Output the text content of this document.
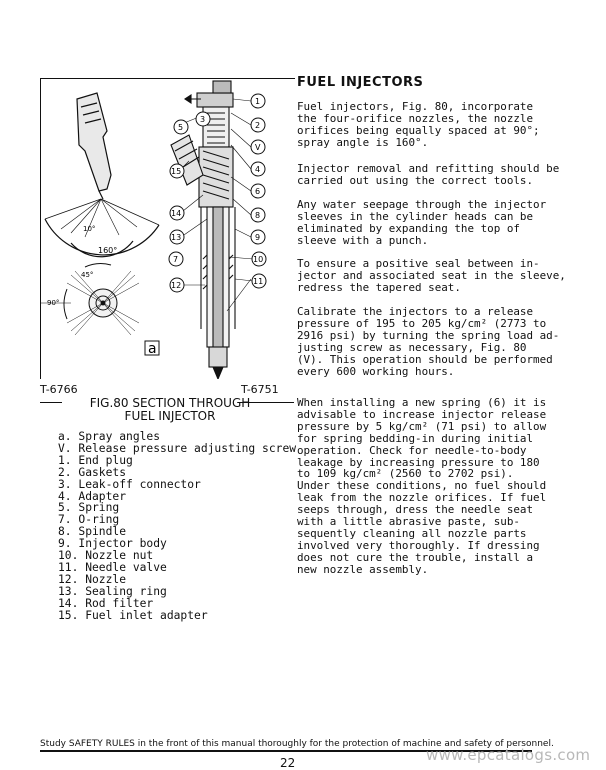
10°
160°
45°
90°
a
1
2
V
3
4
5
6
7
8
9
10
11
12
13
14
15
T-6766	T-6751
FIG.80 SECTION THROUGH
FUEL INJECTOR
a. Spray angles
V. Release pressure adjusting screw
1. End plug
2. Gaskets
3. Leak-off connector
4. Adapter
5. Spring
7. O-ring
8. Spindle
9. Injector body
10. Nozzle nut
11. Needle valve
12. Nozzle
13. Sealing ring
14. Rod filter
15. Fuel inlet adapter
FUEL INJECTORS
Fuel injectors, Fig. 80, incorporate
the four-orifice nozzles, the nozzle
orifices being equally spaced at 90°;
spray angle is 160°.
Injector removal and refitting should be
carried out using the correct tools.
Any water seepage through the injector
sleeves in the cylinder heads can be
eliminated by expanding the top of
sleeve with a punch.
To ensure a positive seal between in-
jector and associated seat in the sleeve,
redress the tapered seat.
Calibrate the injectors to a release
pressure of 195 to 205 kg/cm² (2773 to
2916 psi) by turning the spring load ad-
justing screw as necessary, Fig. 80
(V). This operation should be performed
every 600 working hours.
When installing a new spring (6) it is
advisable to increase injector release
pressure by 5 kg/cm² (71 psi) to allow
for spring bedding-in during initial
operation. Check for needle-to-body
leakage by increasing pressure to 180
to 109 kg/cm² (2560 to 2702 psi).
Under these conditions, no fuel should
leak from the nozzle orifices. If fuel
seeps through, dress the needle seat
with a little abrasive paste, sub-
sequently cleaning all nozzle parts
involved very thoroughly. If dressing
does not cure the trouble, install a
new nozzle assembly.
Study SAFETY RULES in the front of this manual thoroughly for the protection of machine and safety of personnel.
22	www.epcatalogs.com
